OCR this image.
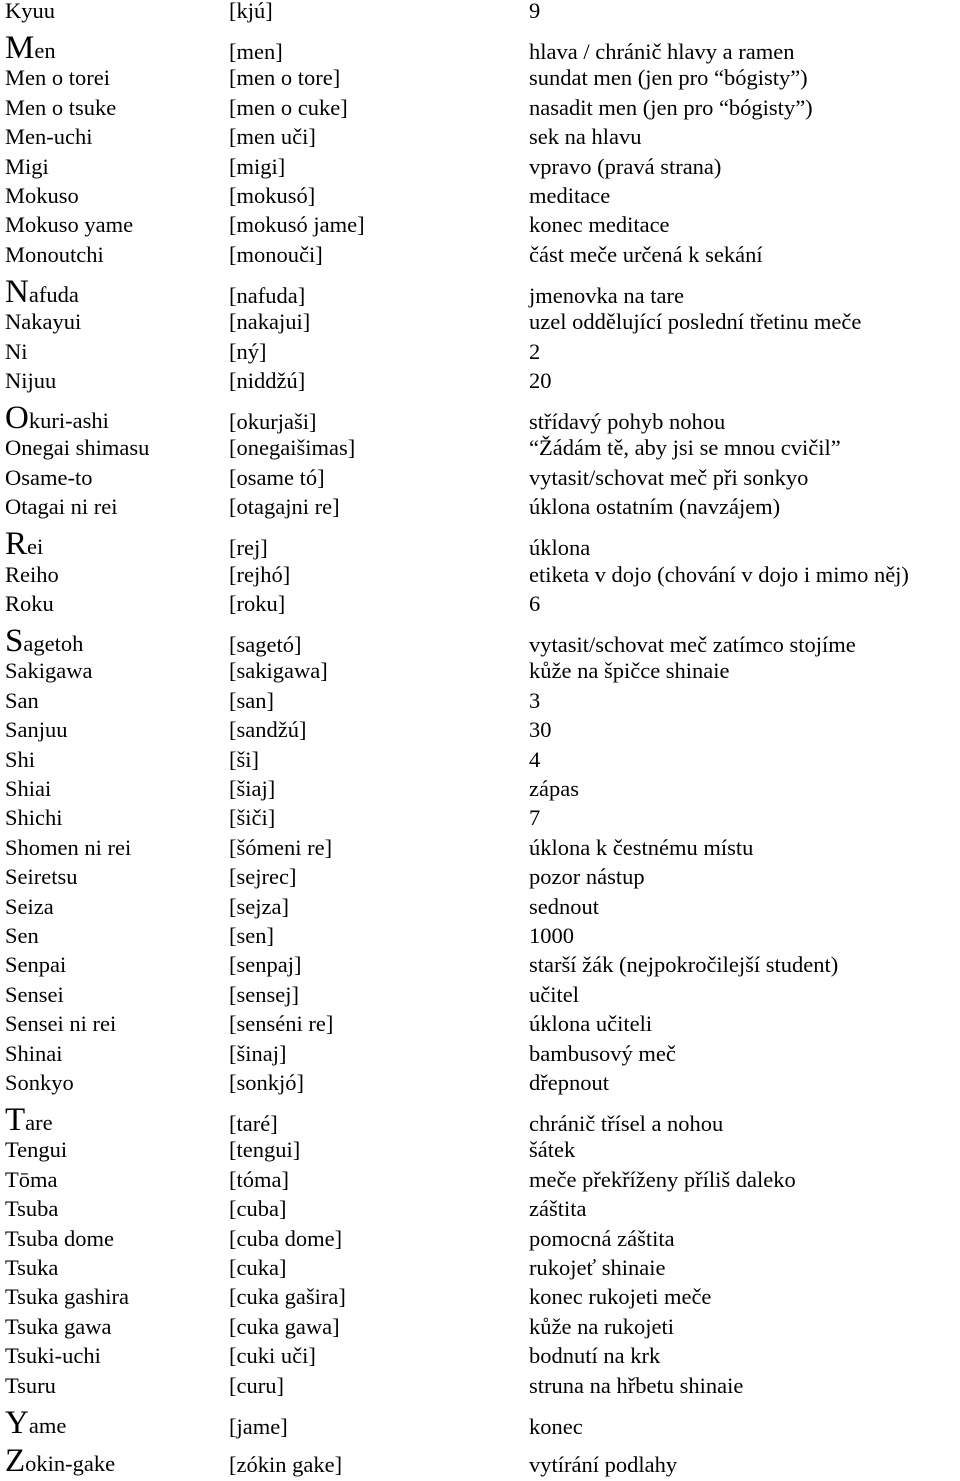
Kyuu	[kjú]	9
Men	[men]	hlava / chránič hlavy a ramen
Men o torei	[men o tore]	sundat men (jen pro “bógisty”)
Men o tsuke	[men o cuke]	nasadit men (jen pro “bógisty”)
Men-uchi	[men uči]	sek na hlavu
Migi	[migi]	vpravo (pravá strana)
Mokuso	[mokusó]	meditace
Mokuso yame	[mokusó jame]	konec meditace
Monoutchi	[monouči]	část meče určená k sekání
Nafuda	[nafuda]	jmenovka na tare
Nakayui	[nakajui]	uzel oddělující poslední třetinu meče
Ni	[ný]	2
Nijuu	[niddžú]	20
Okuri-ashi	[okurjaši]	střídavý pohyb nohou
Onegai shimasu	[onegaišimas]	“Žádám tě, aby jsi se mnou cvičil”
Osame-to	[osame tó]	vytasit/schovat meč při sonkyo
Otagai ni rei	[otagajni re]	úklona ostatním (navzájem)
Rei	[rej]	úklona
Reiho	[rejhó]	etiketa v dojo (chování v dojo i mimo něj)
Roku	[roku]	6
Sagetoh	[sagetó]	vytasit/schovat meč zatímco stojíme
Sakigawa	[sakigawa]	kůže na špičce shinaie
San	[san]	3
Sanjuu	[sandžú]	30
Shi	[ši]	4
Shiai	[šiaj]	zápas
Shichi	[šiči]	7
Shomen ni rei	[šómeni re]	úklona k čestnému místu
Seiretsu	[sejrec]	pozor nástup
Seiza	[sejza]	sednout
Sen	[sen]	1000
Senpai	[senpaj]	starší žák (nejpokročilejší student)
Sensei	[sensej]	učitel
Sensei ni rei	[senséni re]	úklona učiteli
Shinai	[šinaj]	bambusový meč
Sonkyo	[sonkjó]	dřepnout
Tare	[taré]	chránič třísel a nohou
Tengui	[tengui]	šátek
Tōma	[tóma]	meče překříženy příliš daleko
Tsuba	[cuba]	záštita
Tsuba dome	[cuba dome]	pomocná záštita
Tsuka	[cuka]	rukojeť shinaie
Tsuka gashira	[cuka gašira]	konec rukojeti meče
Tsuka gawa	[cuka gawa]	kůže na rukojeti
Tsuki-uchi	[cuki uči]	bodnutí na krk
Tsuru	[curu]	struna na hřbetu shinaie
Yame	[jame]	konec
Zokin-gake	[zókin gake]	vytírání podlahy
